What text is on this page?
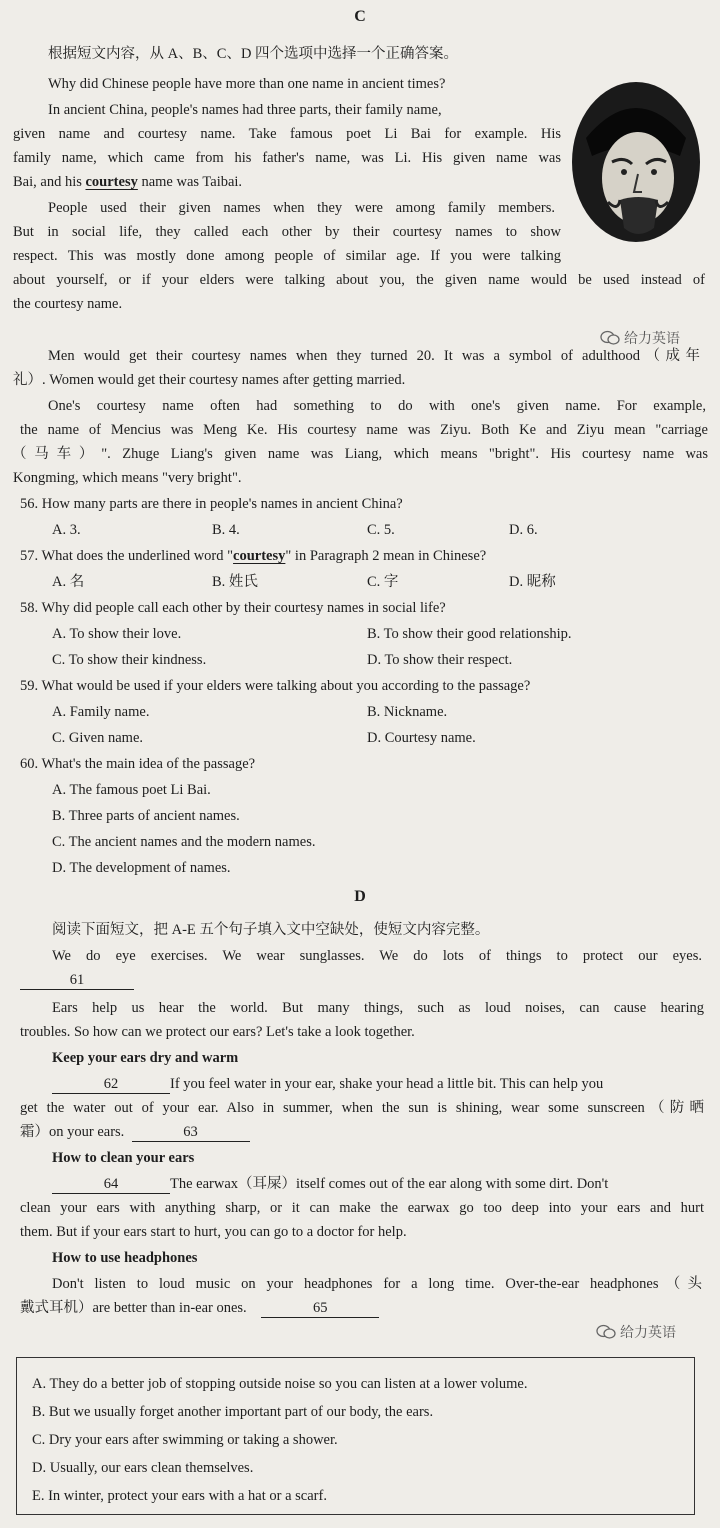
C
根据短文内容，从 A、B、C、D 四个选项中选择一个正确答案。
Why did Chinese people have more than one name in ancient times?
In ancient China, people's names had three parts, their family name,
given name and courtesy name. Take famous poet Li Bai for example. His
family name, which came from his father's name, was Li. His given name was
Bai, and his courtesy name was Taibai.
People used their given names when they were among family members.
But in social life, they called each other by their courtesy names to show
respect. This was mostly done among people of similar age. If you were talking
about yourself, or if your elders were talking about you, the given name would be used instead of
the courtesy name.
给力英语
Men would get their courtesy names when they turned 20. It was a symbol of adulthood（成年
礼）. Women would get their courtesy names after getting married.
One's courtesy name often had something to do with one's given name. For example,
the name of Mencius was Meng Ke. His courtesy name was Ziyu. Both Ke and Ziyu mean "carriage
（马车）". Zhuge Liang's given name was Liang, which means "bright". His courtesy name was
Kongming, which means "very bright".
56. How many parts are there in people's names in ancient China?
A. 3.	B. 4.	C. 5.	D. 6.
57. What does the underlined word "courtesy" in Paragraph 2 mean in Chinese?
A. 名	B. 姓氏	C. 字	D. 昵称
58. Why did people call each other by their courtesy names in social life?
A. To show their love.	B. To show their good relationship.
C. To show their kindness.	D. To show their respect.
59. What would be used if your elders were talking about you according to the passage?
A. Family name.	B. Nickname.
C. Given name.	D. Courtesy name.
60. What's the main idea of the passage?
A. The famous poet Li Bai.
B. Three parts of ancient names.
C. The ancient names and the modern names.
D. The development of names.
D
阅读下面短文，把 A-E 五个句子填入文中空缺处，使短文内容完整。
We do eye exercises. We wear sunglasses. We do lots of things to protect our eyes.
61
Ears help us hear the world. But many things, such as loud noises, can cause hearing
troubles. So how can we protect our ears? Let's take a look together.
Keep your ears dry and warm
62	If you feel water in your ear, shake your head a little bit. This can help you
get the water out of your ear. Also in summer, when the sun is shining, wear some sunscreen（防晒
霜）on your ears.	63
How to clean your ears
64	The earwax（耳屎）itself comes out of the ear along with some dirt. Don't
clean your ears with anything sharp, or it can make the earwax go too deep into your ears and hurt
them. But if your ears start to hurt, you can go to a doctor for help.
How to use headphones
Don't listen to loud music on your headphones for a long time. Over-the-ear headphones（头
戴式耳机）are better than in-ear ones.	65
给力英语
A. They do a better job of stopping outside noise so you can listen at a lower volume.
B. But we usually forget another important part of our body, the ears.
C. Dry your ears after swimming or taking a shower.
D. Usually, our ears clean themselves.
E. In winter, protect your ears with a hat or a scarf.
